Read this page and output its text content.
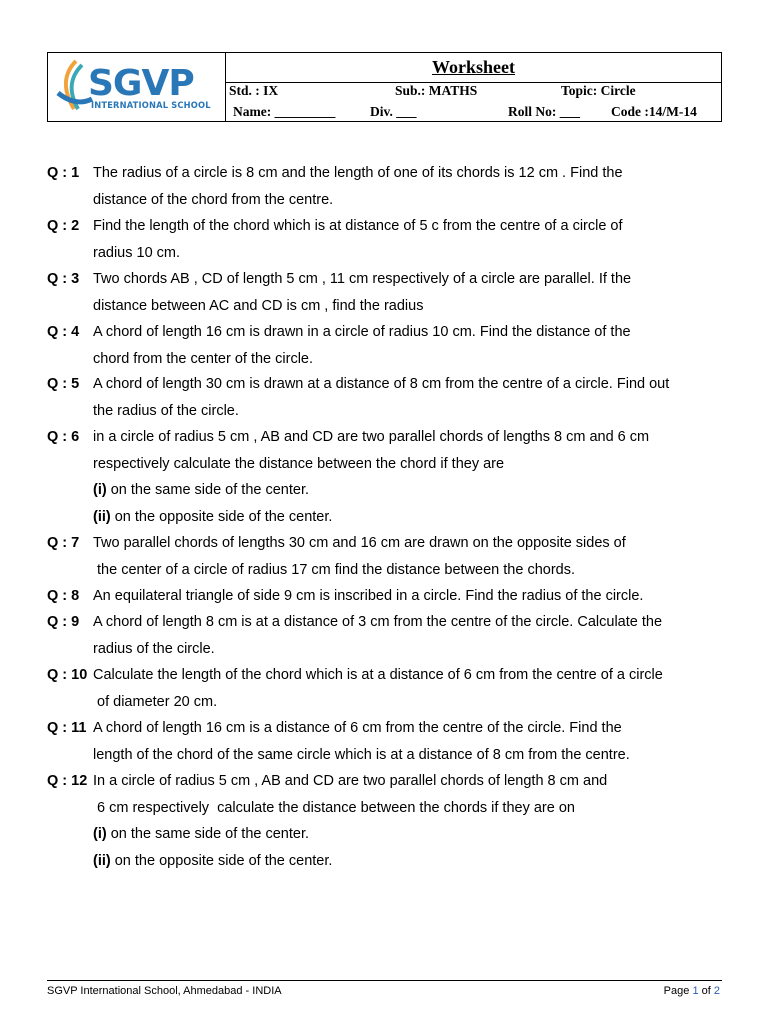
SGVP
INTERNATIONAL SCHOOL
Worksheet
Std. : IX	Sub.: MATHS	Topic: Circle
Name: _________	Div. ___	Roll No: ___ Code :14/M-14
Q : 1 The radius of a circle is 8 cm and the length of one of its chords is 12 cm . Find the
distance of the chord from the centre.
Q : 2 Find the length of the chord which is at distance of 5 c from the centre of a circle of
radius 10 cm.
Q : 3 Two chords AB , CD of length 5 cm , 11 cm respectively of a circle are parallel. If the
distance between AC and CD is cm , find the radius
Q : 4 A chord of length 16 cm is drawn in a circle of radius 10 cm. Find the distance of the
chord from the center of the circle.
Q : 5 A chord of length 30 cm is drawn at a distance of 8 cm from the centre of a circle. Find out
the radius of the circle.
Q : 6 in a circle of radius 5 cm , AB and CD are two parallel chords of lengths 8 cm and 6 cm
respectively calculate the distance between the chord if they are
(i) on the same side of the center.
(ii) on the opposite side of the center.
Q : 7 Two parallel chords of lengths 30 cm and 16 cm are drawn on the opposite sides of
the center of a circle of radius 17 cm find the distance between the chords.
Q : 8 An equilateral triangle of side 9 cm is inscribed in a circle. Find the radius of the circle.
Q : 9 A chord of length 8 cm is at a distance of 3 cm from the centre of the circle. Calculate the
radius of the circle.
Q : 10 Calculate the length of the chord which is at a distance of 6 cm from the centre of a circle
of diameter 20 cm.
Q : 11 A chord of length 16 cm is a distance of 6 cm from the centre of the circle. Find the
length of the chord of the same circle which is at a distance of 8 cm from the centre.
Q : 12 In a circle of radius 5 cm , AB and CD are two parallel chords of length 8 cm and
6 cm respectively  calculate the distance between the chords if they are on
(i) on the same side of the center.
(ii) on the opposite side of the center.
SGVP International School, Ahmedabad - INDIA	Page 1 of 2
